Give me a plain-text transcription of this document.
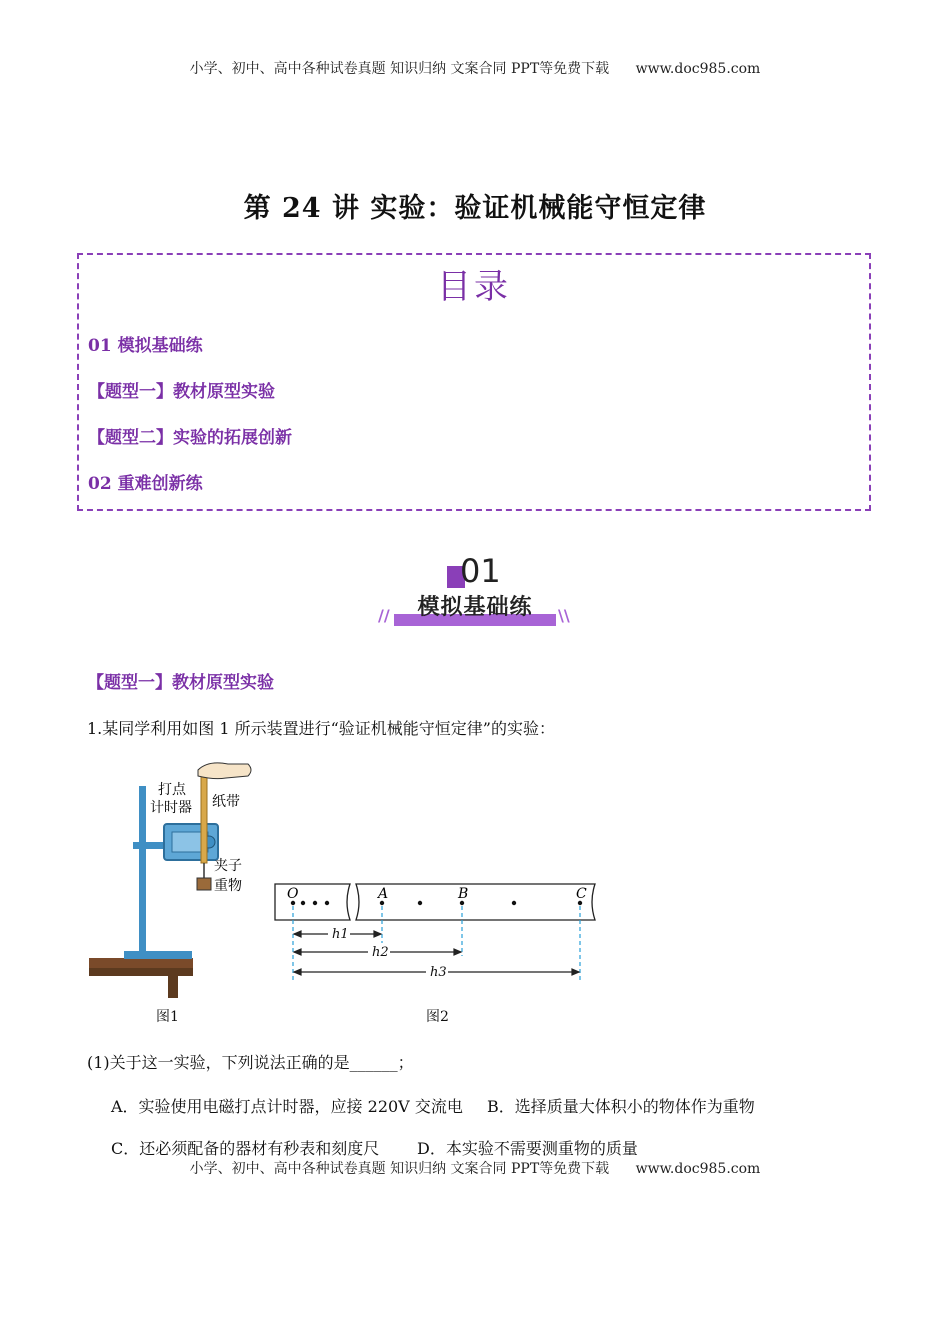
小学、初中、高中各种试卷真题 知识归纳 文案合同 PPT等免费下载 www.doc985.com
第 24 讲 实验：验证机械能守恒定律
目录
01 模拟基础练
【题型一】教材原型实验
【题型二】实验的拓展创新
02 重难创新练
01
//	模拟基础练	\\
【题型一】教材原型实验
1.某同学利用如图 1 所示装置进行“验证机械能守恒定律”的实验：
打点
计时器 纸带
夹子
重物
图1
O	A	B	C
h1
h2
h3
图2
(1)关于这一实验，下列说法正确的是______；
A．实验使用电磁打点计时器，应接 220V 交流电 B．选择质量大体积小的物体作为重物
C．还必须配备的器材有秒表和刻度尺 D．本实验不需要测重物的质量
小学、初中、高中各种试卷真题 知识归纳 文案合同 PPT等免费下载 www.doc985.com
